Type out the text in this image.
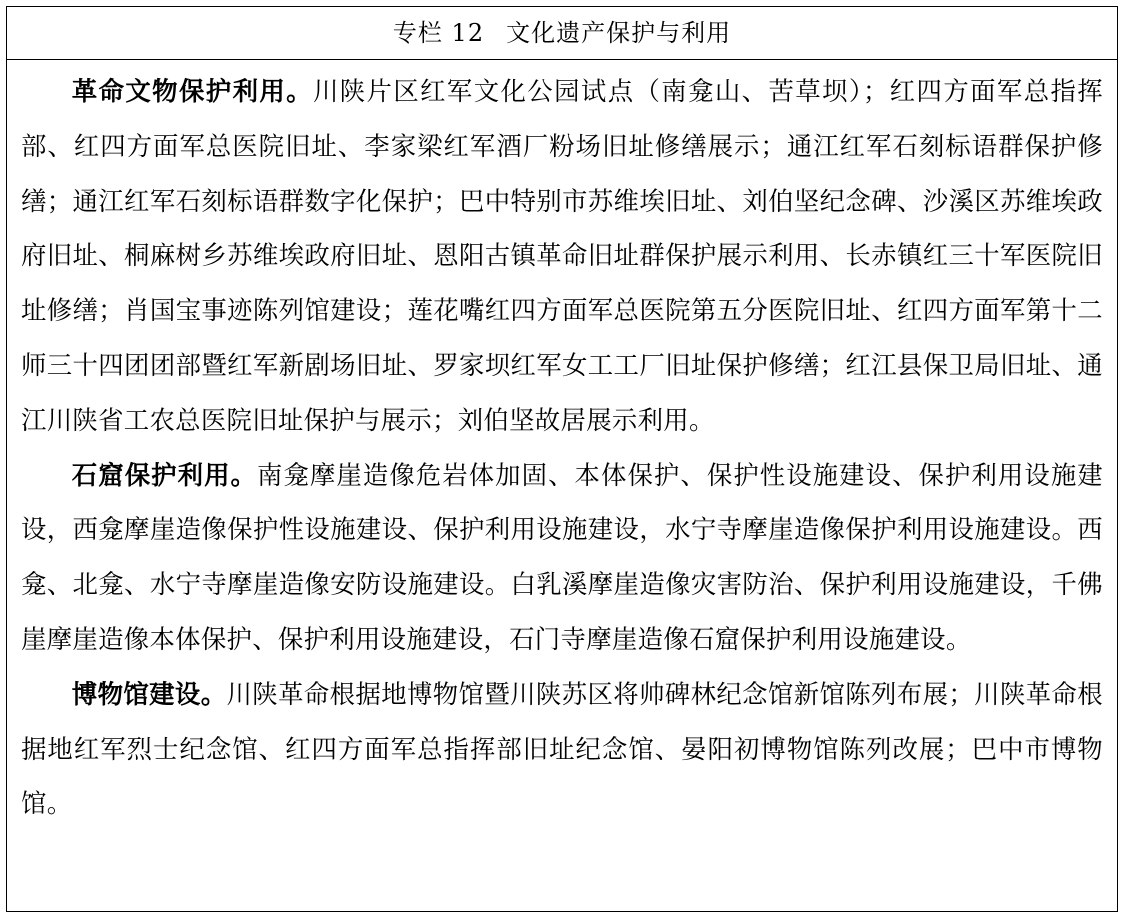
专栏 12 文化遗产保护与利用

革命文物保护利用。川陕片区红军文化公园试点（南龛山、苦草坝）；红四方面军总指挥部、红四方面军总医院旧址、李家梁红军酒厂粉场旧址修缮展示；通江红军石刻标语群保护修缮；通江红军石刻标语群数字化保护；巴中特别市苏维埃旧址、刘伯坚纪念碑、沙溪区苏维埃政府旧址、桐麻树乡苏维埃政府旧址、恩阳古镇革命旧址群保护展示利用、长赤镇红三十军医院旧址修缮；肖国宝事迹陈列馆建设；莲花嘴红四方面军总医院第五分医院旧址、红四方面军第十二师三十四团团部暨红军新剧场旧址、罗家坝红军女工工厂旧址保护修缮；红江县保卫局旧址、通江川陕省工农总医院旧址保护与展示；刘伯坚故居展示利用。

石窟保护利用。南龛摩崖造像危岩体加固、本体保护、保护性设施建设、保护利用设施建设，西龛摩崖造像保护性设施建设、保护利用设施建设，水宁寺摩崖造像保护利用设施建设。西龛、北龛、水宁寺摩崖造像安防设施建设。白乳溪摩崖造像灾害防治、保护利用设施建设，千佛崖摩崖造像本体保护、保护利用设施建设，石门寺摩崖造像石窟保护利用设施建设。

博物馆建设。川陕革命根据地博物馆暨川陕苏区将帅碑林纪念馆新馆陈列布展；川陕革命根据地红军烈士纪念馆、红四方面军总指挥部旧址纪念馆、晏阳初博物馆陈列改展；巴中市博物馆。
